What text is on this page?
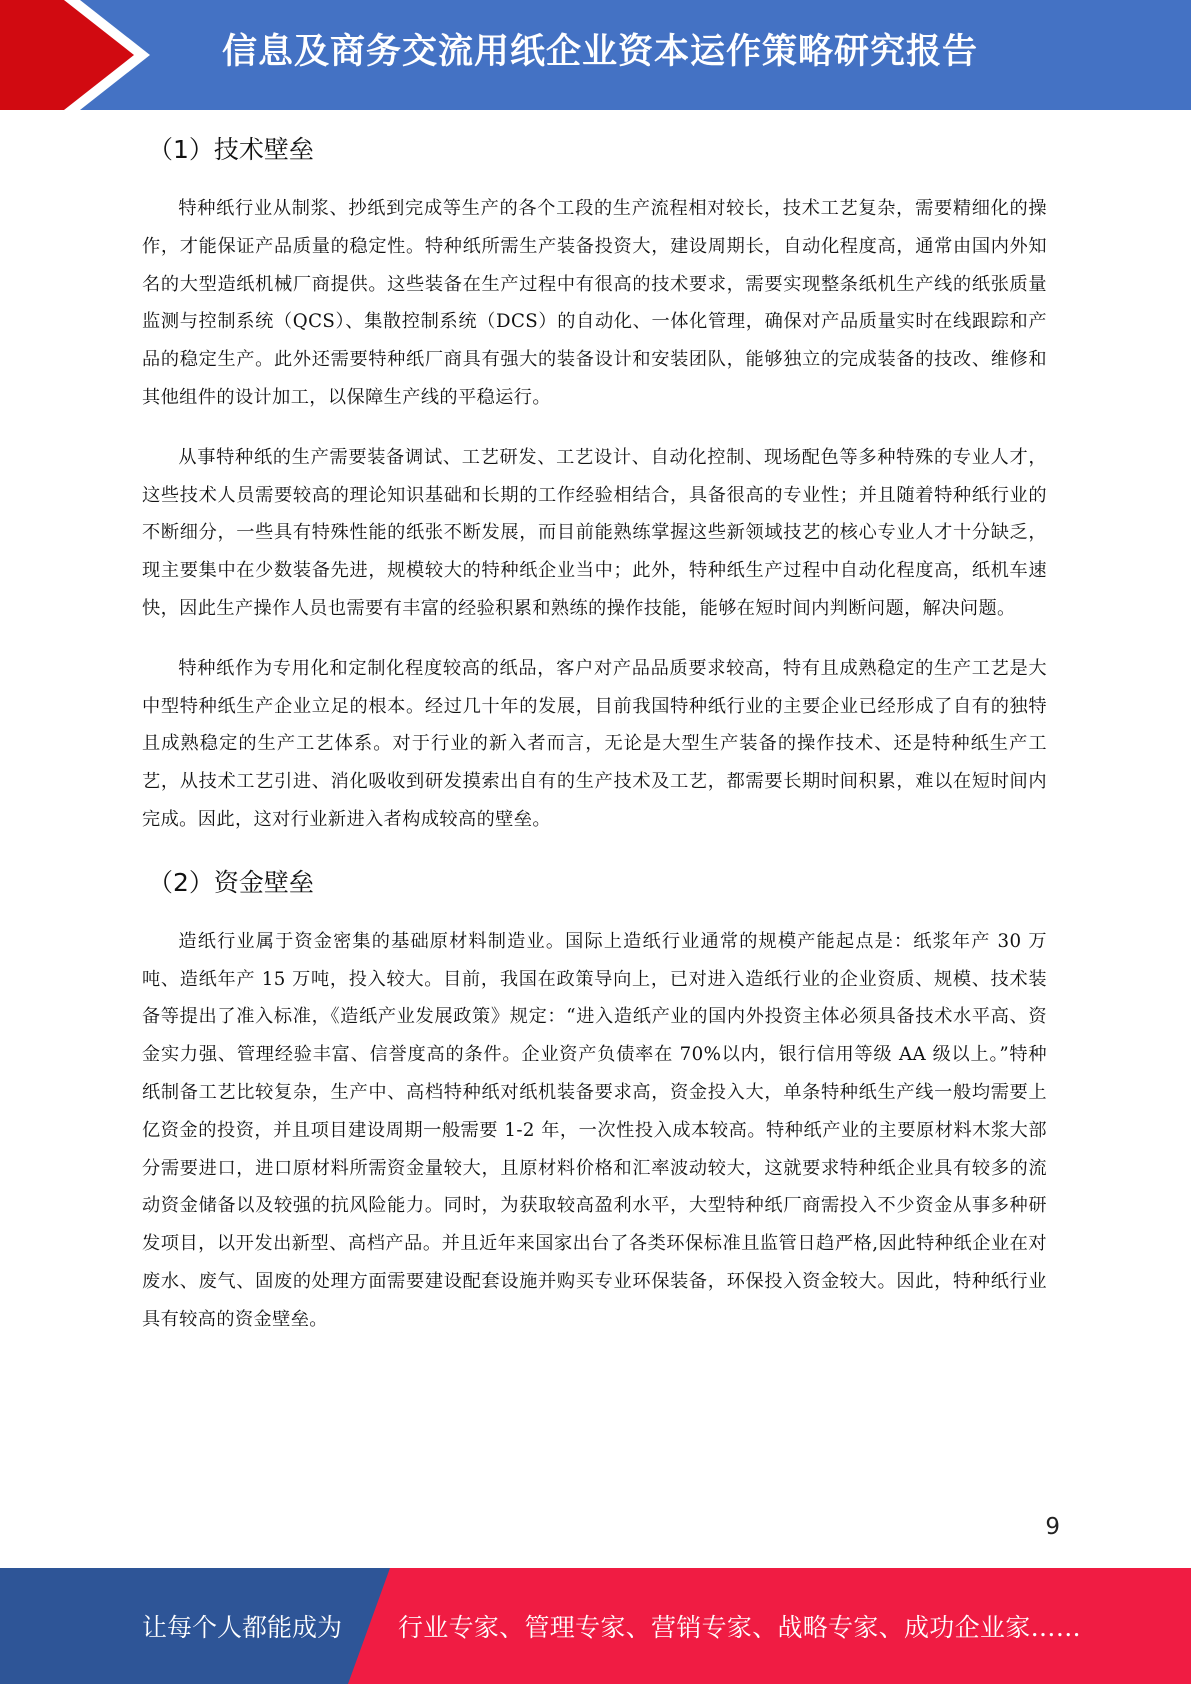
信息及商务交流用纸企业资本运作策略研究报告
（1）技术壁垒

特种纸行业从制浆、抄纸到完成等生产的各个工段的生产流程相对较长，技术工艺复杂，需要精细化的操作，才能保证产品质量的稳定性。特种纸所需生产装备投资大，建设周期长，自动化程度高，通常由国内外知名的大型造纸机械厂商提供。这些装备在生产过程中有很高的技术要求，需要实现整条纸机生产线的纸张质量监测与控制系统（QCS）、集散控制系统（DCS）的自动化、一体化管理，确保对产品质量实时在线跟踪和产品的稳定生产。此外还需要特种纸厂商具有强大的装备设计和安装团队，能够独立的完成装备的技改、维修和其他组件的设计加工，以保障生产线的平稳运行。

从事特种纸的生产需要装备调试、工艺研发、工艺设计、自动化控制、现场配色等多种特殊的专业人才，这些技术人员需要较高的理论知识基础和长期的工作经验相结合，具备很高的专业性；并且随着特种纸行业的不断细分，一些具有特殊性能的纸张不断发展，而目前能熟练掌握这些新领域技艺的核心专业人才十分缺乏，现主要集中在少数装备先进，规模较大的特种纸企业当中；此外，特种纸生产过程中自动化程度高，纸机车速快，因此生产操作人员也需要有丰富的经验积累和熟练的操作技能，能够在短时间内判断问题，解决问题。

特种纸作为专用化和定制化程度较高的纸品，客户对产品品质要求较高，特有且成熟稳定的生产工艺是大中型特种纸生产企业立足的根本。经过几十年的发展，目前我国特种纸行业的主要企业已经形成了自有的独特且成熟稳定的生产工艺体系。对于行业的新入者而言，无论是大型生产装备的操作技术、还是特种纸生产工艺，从技术工艺引进、消化吸收到研发摸索出自有的生产技术及工艺，都需要长期时间积累，难以在短时间内完成。因此，这对行业新进入者构成较高的壁垒。

（2）资金壁垒

造纸行业属于资金密集的基础原材料制造业。国际上造纸行业通常的规模产能起点是：纸浆年产 30 万吨、造纸年产 15 万吨，投入较大。目前，我国在政策导向上，已对进入造纸行业的企业资质、规模、技术装备等提出了准入标准，《造纸产业发展政策》规定：“进入造纸产业的国内外投资主体必须具备技术水平高、资金实力强、管理经验丰富、信誉度高的条件。企业资产负债率在 70%以内，银行信用等级 AA 级以上。”特种纸制备工艺比较复杂，生产中、高档特种纸对纸机装备要求高，资金投入大，单条特种纸生产线一般均需要上亿资金的投资，并且项目建设周期一般需要 1-2 年，一次性投入成本较高。特种纸产业的主要原材料木浆大部分需要进口，进口原材料所需资金量较大，且原材料价格和汇率波动较大，这就要求特种纸企业具有较多的流动资金储备以及较强的抗风险能力。同时，为获取较高盈利水平，大型特种纸厂商需投入不少资金从事多种研发项目，以开发出新型、高档产品。并且近年来国家出台了各类环保标准且监管日趋严格,因此特种纸企业在对废水、废气、固废的处理方面需要建设配套设施并购买专业环保装备，环保投入资金较大。因此，特种纸行业具有较高的资金壁垒。

9
让每个人都能成为 行业专家、管理专家、营销专家、战略专家、成功企业家……
